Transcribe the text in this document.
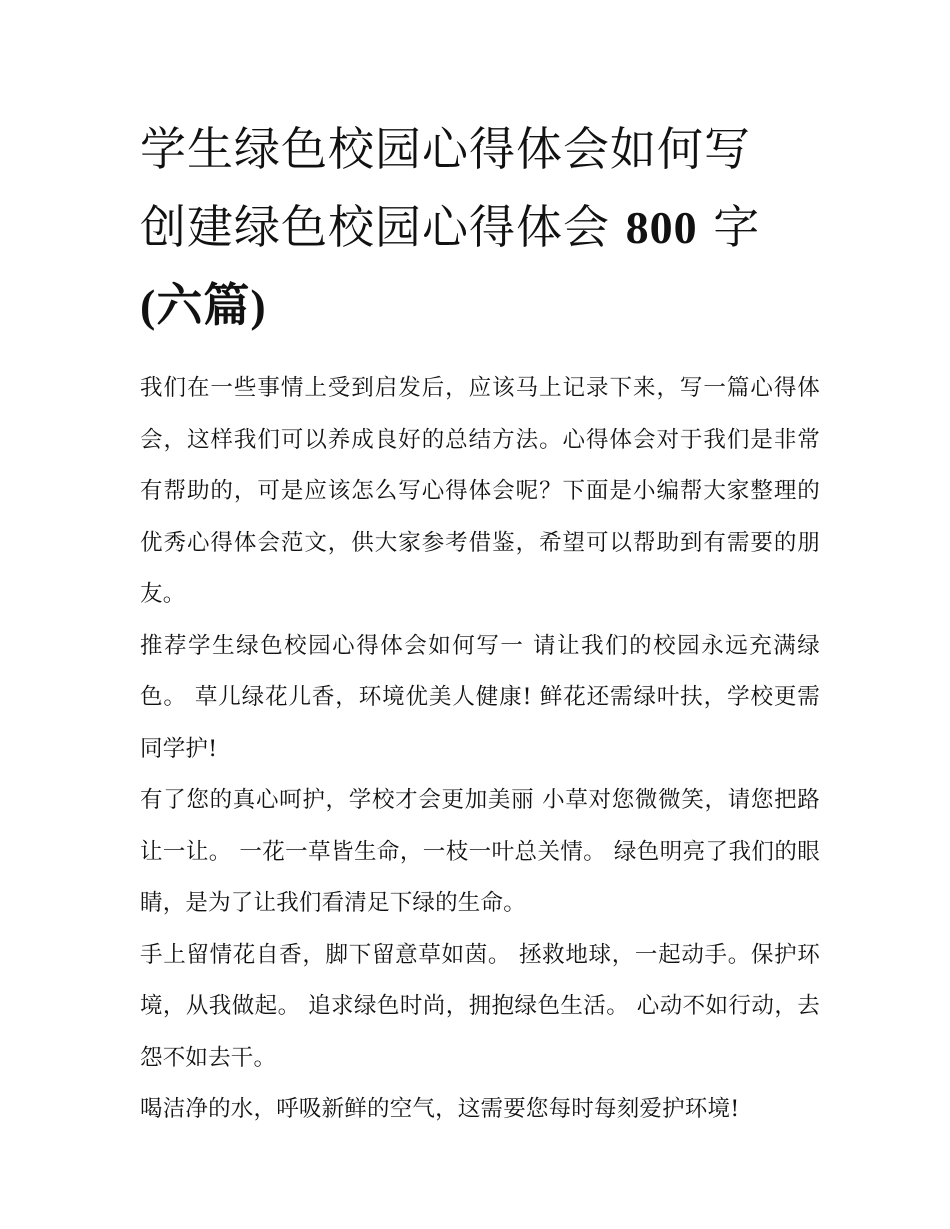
学生绿色校园心得体会如何写
创建绿色校园心得体会 800 字
(六篇)

我们在一些事情上受到启发后，应该马上记录下来，写一篇心得体会，这样我们可以养成良好的总结方法。心得体会对于我们是非常有帮助的，可是应该怎么写心得体会呢？下面是小编帮大家整理的优秀心得体会范文，供大家参考借鉴，希望可以帮助到有需要的朋友。

推荐学生绿色校园心得体会如何写一 请让我们的校园永远充满绿色。 草儿绿花儿香，环境优美人健康! 鲜花还需绿叶扶，学校更需同学护!

有了您的真心呵护，学校才会更加美丽 小草对您微微笑，请您把路让一让。 一花一草皆生命，一枝一叶总关情。 绿色明亮了我们的眼睛，是为了让我们看清足下绿的生命。

手上留情花自香，脚下留意草如茵。 拯救地球，一起动手。保护环境，从我做起。 追求绿色时尚，拥抱绿色生活。 心动不如行动，去怨不如去干。

喝洁净的水，呼吸新鲜的空气，这需要您每时每刻爱护环境!
